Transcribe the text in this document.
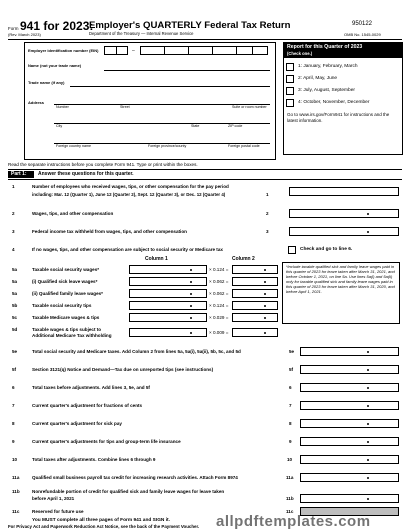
Form 941 for 2023:
Employer's QUARTERLY Federal Tax Return
(Rev. March 2023)	Department of the Treasury — Internal Revenue Service
950122
OMB No. 1545-0029
Employer identification number (EIN)	–
Name (not your trade name)
Trade name (if any)
Address
Number	Street	Suite or room number
City	State	ZIP code
Foreign country name	Foreign province/county	Foreign postal code
Report for this Quarter of 2023
(Check one.)
1: January, February, March
2: April, May, June
3: July, August, September
4: October, November, December
Go to www.irs.gov/Form941 for instructions and the latest information.
Read the separate instructions before you complete Form 941. Type or print within the boxes.
Part 1: Answer these questions for this quarter.
1	Number of employees who received wages, tips, or other compensation for the pay period
including: Mar. 12 (Quarter 1), June 12 (Quarter 2), Sept. 12 (Quarter 3), or Dec. 12 (Quarter 4)	1
2	Wages, tips, and other compensation	2
3	Federal income tax withheld from wages, tips, and other compensation	3
4	If no wages, tips, and other compensation are subject to social security or Medicare tax	Check and go to line 6.
Column 1	Column 2
*Include taxable qualified sick and family leave wages paid in this quarter of 2023 for leave taken after March 31, 2021, and before October 1, 2021, on line 5a. Use lines 5a(i) and 5a(ii) only for taxable qualified sick and family leave wages paid in this quarter of 2023 for leave taken after March 31, 2020, and before April 1, 2021.
5a	Taxable social security wages*	× 0.124 =
5a	(i) Qualified sick leave wages*	× 0.062 =
5a	(ii) Qualified family leave wages*	× 0.062 =
5b	Taxable social security tips	× 0.124 =
5c	Taxable Medicare wages & tips	× 0.029 =
5d	Taxable wages & tips subject to
Additional Medicare Tax withholding
× 0.009 =
5e	Total social security and Medicare taxes. Add Column 2 from lines 5a, 5a(i), 5a(ii), 5b, 5c, and 5d	5e
5f	Section 3121(q) Notice and Demand—Tax due on unreported tips (see instructions)	5f
6	Total taxes before adjustments. Add lines 3, 5e, and 5f	6
7	Current quarter's adjustment for fractions of cents	7
8	Current quarter's adjustment for sick pay	8
9	Current quarter's adjustments for tips and group-term life insurance	9
10	Total taxes after adjustments. Combine lines 6 through 9	10
11a	Qualified small business payroll tax credit for increasing research activities. Attach Form 8974	11a
11b	Nonrefundable portion of credit for qualified sick and family leave wages for leave taken
before April 1, 2021	11b
11c	Reserved for future use	11c
You MUST complete all three pages of Form 941 and SIGN it.
For Privacy Act and Paperwork Reduction Act Notice, see the back of the Payment Voucher. allpdftemplates.com
